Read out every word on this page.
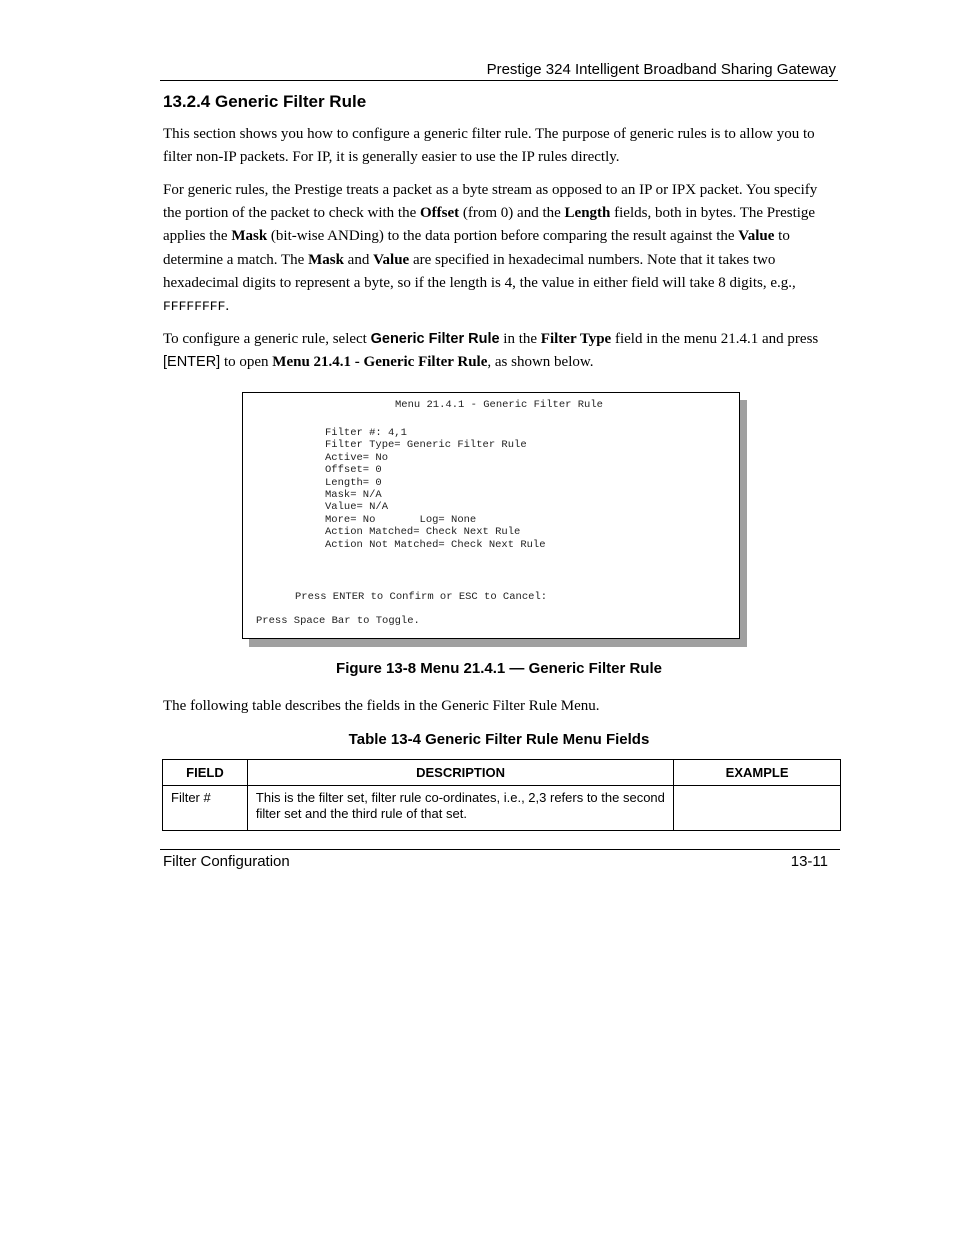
Prestige 324 Intelligent Broadband Sharing Gateway
13.2.4 Generic Filter Rule
This section shows you how to configure a generic filter rule. The purpose of generic rules is to allow you to filter non-IP packets. For IP, it is generally easier to use the IP rules directly.
For generic rules, the Prestige treats a packet as a byte stream as opposed to an IP or IPX packet. You specify the portion of the packet to check with the Offset (from 0) and the Length fields, both in bytes. The Prestige applies the Mask (bit-wise ANDing) to the data portion before comparing the result against the Value to determine a match. The Mask and Value are specified in hexadecimal numbers. Note that it takes two hexadecimal digits to represent a byte, so if the length is 4, the value in either field will take 8 digits, e.g., FFFFFFFF.
To configure a generic rule, select Generic Filter Rule in the Filter Type field in the menu 21.4.1 and press [ENTER] to open Menu 21.4.1 - Generic Filter Rule, as shown below.
Menu 21.4.1 - Generic Filter Rule
Filter #: 4,1
Filter Type= Generic Filter Rule
Active= No
Offset= 0
Length= 0
Mask= N/A
Value= N/A
More= No       Log= None
Action Matched= Check Next Rule
Action Not Matched= Check Next Rule
Press ENTER to Confirm or ESC to Cancel:
Press Space Bar to Toggle.
Figure 13-8 Menu 21.4.1 — Generic Filter Rule
The following table describes the fields in the Generic Filter Rule Menu.
Table 13-4 Generic Filter Rule Menu Fields
FIELD	DESCRIPTION	EXAMPLE
Filter #	This is the filter set, filter rule co-ordinates, i.e., 2,3 refers to the second filter set and the third rule of that set.	
Filter Configuration	13-11
